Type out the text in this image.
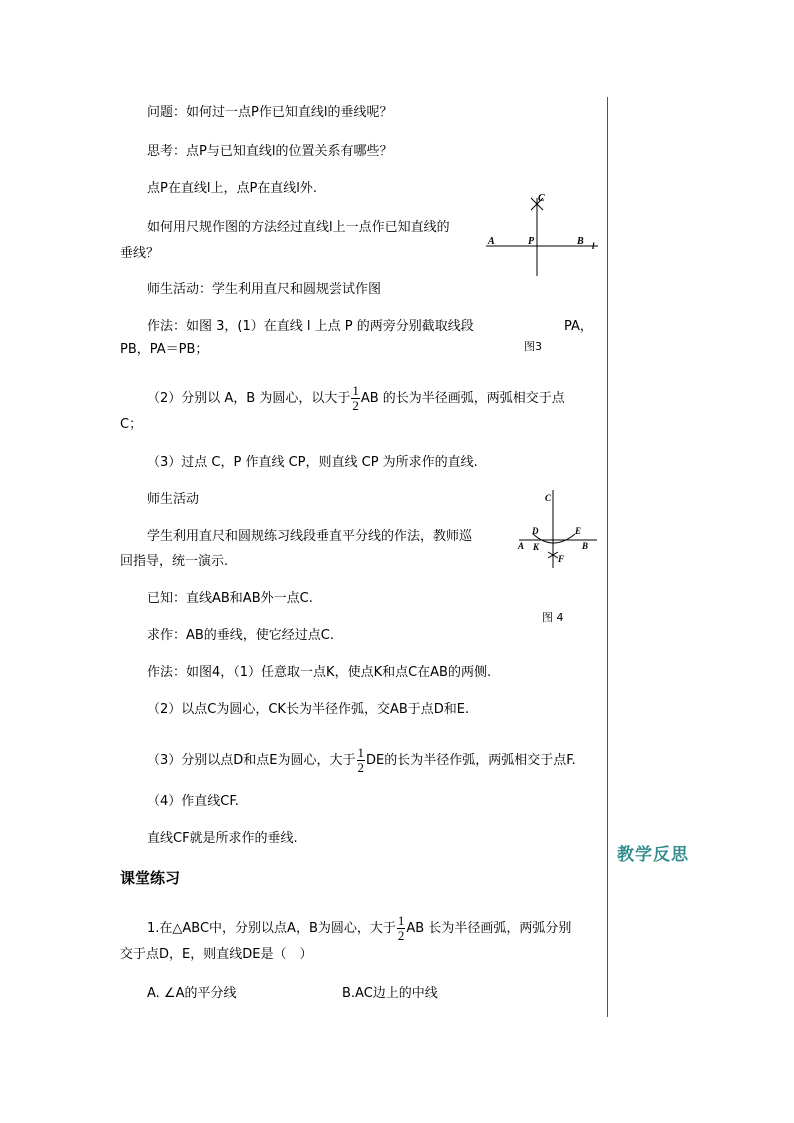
问题：如何过一点P作已知直线l的垂线呢？
思考：点P与已知直线l的位置关系有哪些？
点P在直线l上，点P在直线l外.
如何用尺规作图的方法经过直线l上一点作已知直线的
垂线？
师生活动：学生利用直尺和圆规尝试作图
C
A	P	B l
作法：如图 3，(1）在直线 l 上点 P 的两旁分别截取线段	PA，
PB，PA＝PB；	图3
（2）分别以 A，B 为圆心，以大于 $\frac{1}{2}$ AB 的长为半径画弧，两弧相交于点
C；
（3）过点 C，P 作直线 CP，则直线 CP 为所求作的直线.
师生活动	C
D	E
A K	B
F
学生利用直尺和圆规练习线段垂直平分线的作法，教师巡
回指导，统一演示.
已知：直线AB和AB外一点C.
图 4
求作：AB的垂线，使它经过点C.
作法：如图4，（1）任意取一点K，使点K和点C在AB的两侧.
（2）以点C为圆心，CK长为半径作弧，交AB于点D和E.
（3）分别以点D和点E为圆心，大于 $\frac{1}{2}$ DE的长为半径作弧，两弧相交于点F.
（4）作直线CF.
直线CF就是所求作的垂线.
教学反思
课堂练习
1.在△ABC中，分别以点A，B为圆心，大于 $\frac{1}{2}$ AB 长为半径画弧，两弧分别
交于点D，E，则直线DE是（　）
A. ∠A的平分线	B.AC边上的中线
